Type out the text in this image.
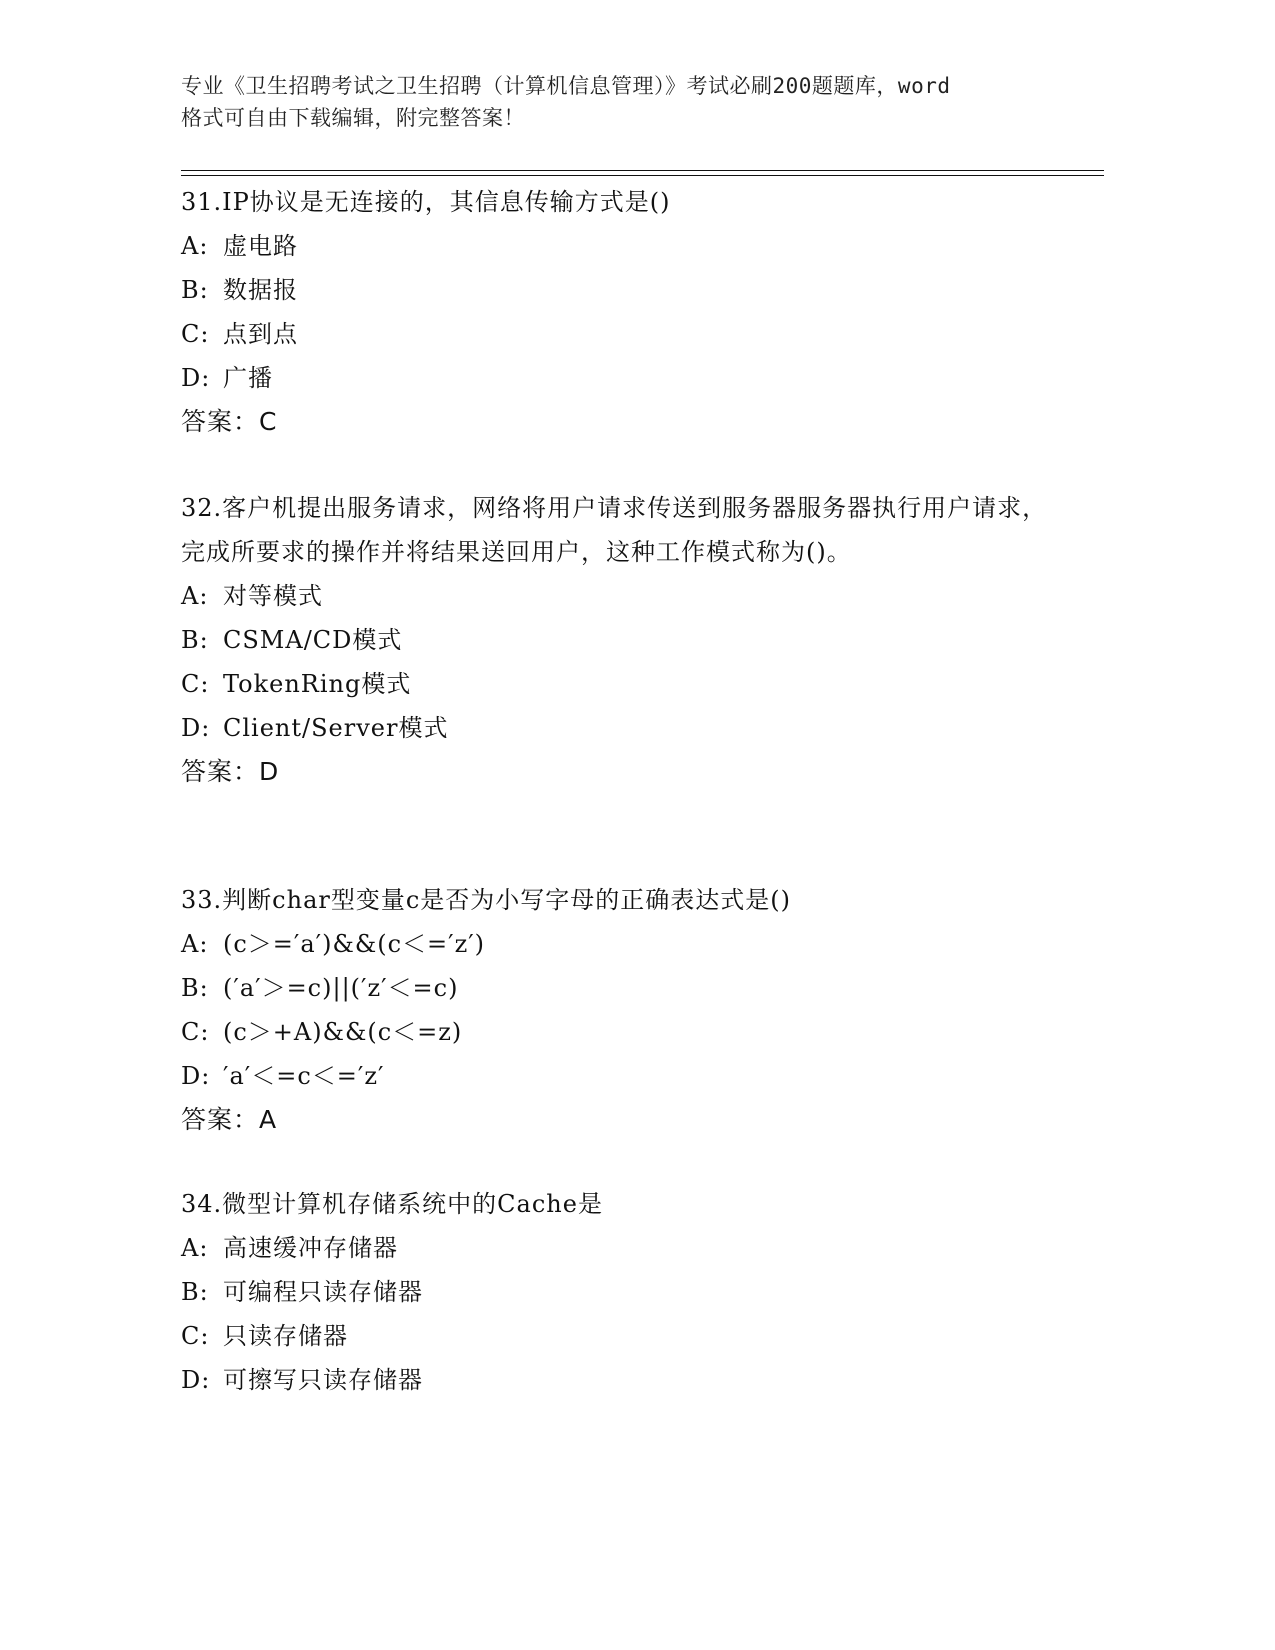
专业《卫生招聘考试之卫生招聘（计算机信息管理）》考试必刷200题题库，word
格式可自由下载编辑，附完整答案！

31.IP协议是无连接的，其信息传输方式是()

A: 虚电路

B: 数据报

C: 点到点

D: 广播

答案：C

32.客户机提出服务请求，网络将用户请求传送到服务器服务器执行用户请求，完成所要求的操作并将结果送回用户，这种工作模式称为()。

A: 对等模式

B: CSMA/CD模式

C: TokenRing模式

D: Client/Server模式

答案：D

33.判断char型变量c是否为小写字母的正确表达式是()

A: (c＞=′a′)&&(c＜=′z′)

B: (′a′＞=c)||(′z′＜=c)

C: (c＞+A)&&(c＜=z)

D: ′a′＜=c＜=′z′

答案：A

34.微型计算机存储系统中的Cache是

A: 高速缓冲存储器

B: 可编程只读存储器

C: 只读存储器

D: 可擦写只读存储器
